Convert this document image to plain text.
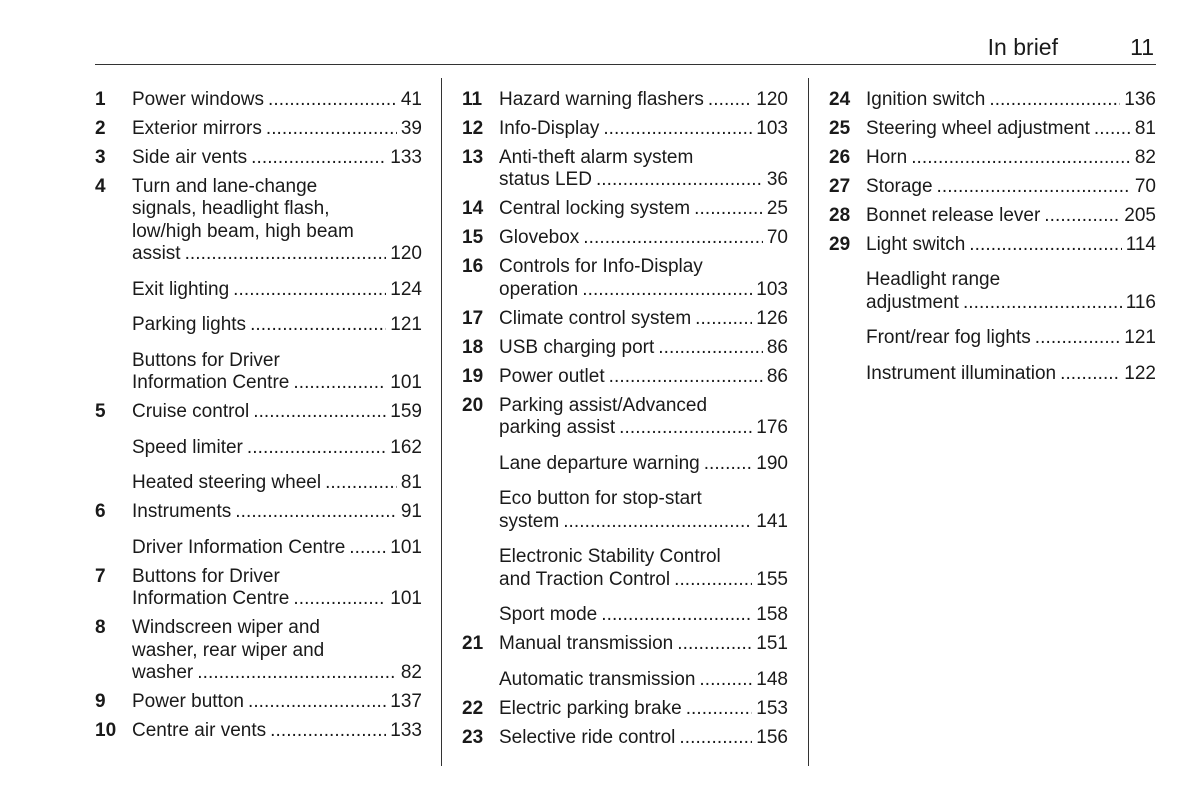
In brief	11
1 Power windows . . .	41
2 Exterior mirrors . . .	39
3 Side air vents . . .	133
4 Turn and lane-change
signals, headlight flash,
low/high beam, high beam
assist . . .	120
Exit lighting . . .	124
Parking lights . . .	121
Buttons for Driver
Information Centre . . .	101
5 Cruise control . . .	159
Speed limiter . . .	162
Heated steering wheel . . .	81
6 Instruments . . .	91
Driver Information Centre . . . 101
7 Buttons for Driver
Information Centre . . .	101
8 Windscreen wiper and
washer, rear wiper and
washer . . .	82
9 Power button . . .	137
10 Centre air vents . . .	133
11 Hazard warning flashers . . .	120
12 Info-Display . . .	103
13 Anti-theft alarm system
status LED . . .	36
14 Central locking system . . .	25
15 Glovebox . . .	70
16 Controls for Info-Display
operation . . .	103
17 Climate control system . . .	126
18 USB charging port . . .	86
19 Power outlet . . .	86
20 Parking assist/Advanced
parking assist . . .	176
Lane departure warning . . .	190
Eco button for stop-start
system . . .	141
Electronic Stability Control
and Traction Control . . .	155
Sport mode . . .	158
21 Manual transmission . . .	151
Automatic transmission . . .	148
22 Electric parking brake . . .	153
23 Selective ride control . . .	156
24 Ignition switch . . .	136
25 Steering wheel adjustment . . . 81
26 Horn . . .	82
27 Storage . . .	70
28 Bonnet release lever . . .	205
29 Light switch . . .	114
Headlight range
adjustment . . .	116
Front/rear fog lights . . .	121
Instrument illumination . . .	122
